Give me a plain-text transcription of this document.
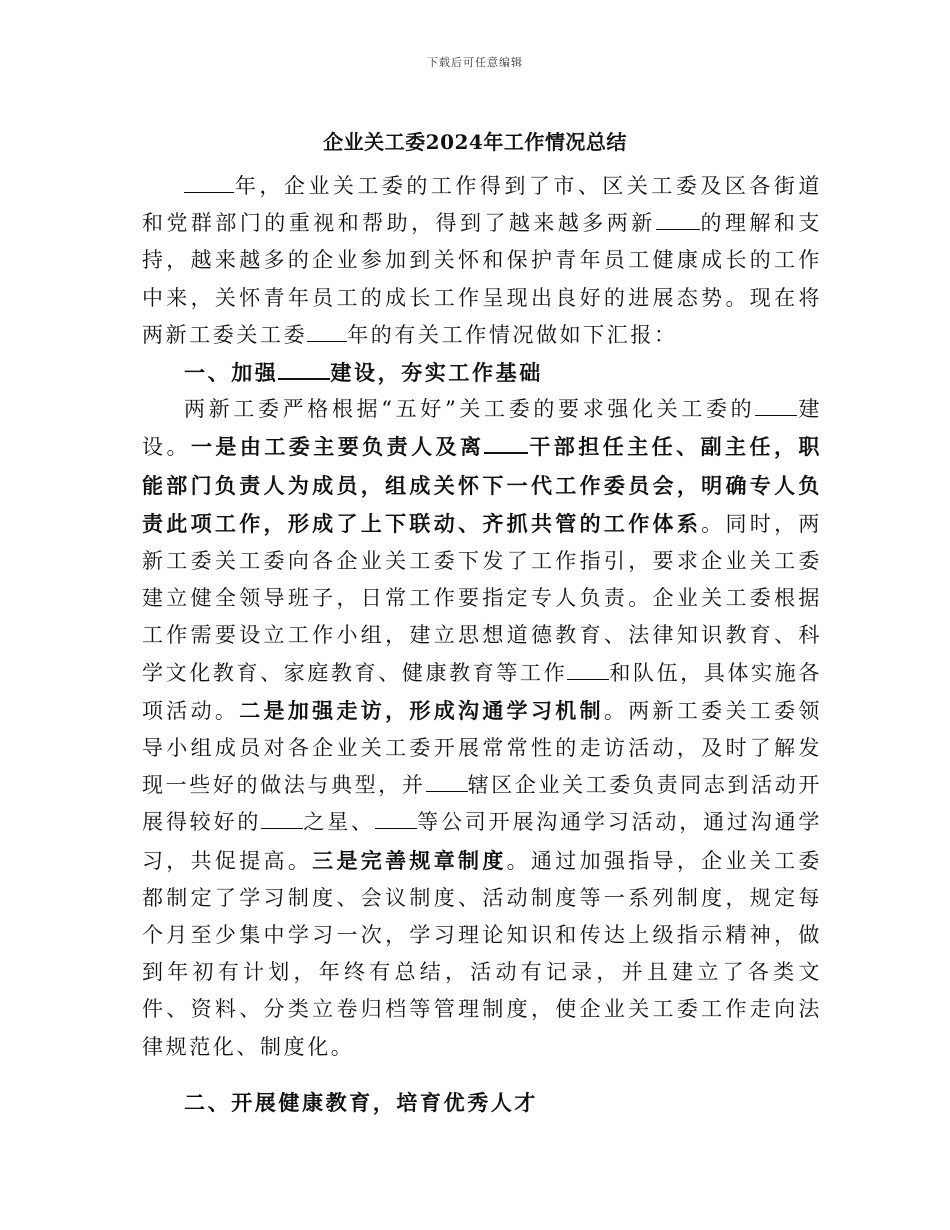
下载后可任意编辑
企业关工委2024年工作情况总结

年，企业关工委的工作得到了市、区关工委及区各街道和党群部门的重视和帮助，得到了越来越多两新 的理解和支持，越来越多的企业参加到关怀和保护青年员工健康成长的工作中来，关怀青年员工的成长工作呈现出良好的进展态势。现在将两新工委关工委 年的有关工作情况做如下汇报：

一、加强 建设，夯实工作基础

两新工委严格根据“五好”关工委的要求强化关工委的 建设。一是由工委主要负责人及离 干部担任主任、副主任，职能部门负责人为成员，组成关怀下一代工作委员会，明确专人负责此项工作，形成了上下联动、齐抓共管的工作体系。同时，两新工委关工委向各企业关工委下发了工作指引，要求企业关工委建立健全领导班子，日常工作要指定专人负责。企业关工委根据工作需要设立工作小组，建立思想道德教育、法律知识教育、科学文化教育、家庭教育、健康教育等工作 和队伍，具体实施各项活动。二是加强走访，形成沟通学习机制。两新工委关工委领导小组成员对各企业关工委开展常常性的走访活动，及时了解发现一些好的做法与典型，并 辖区企业关工委负责同志到活动开展得较好的 之星、 等公司开展沟通学习活动，通过沟通学习，共促提高。三是完善规章制度。通过加强指导，企业关工委都制定了学习制度、会议制度、活动制度等一系列制度，规定每个月至少集中学习一次，学习理论知识和传达上级指示精神，做到年初有计划，年终有总结，活动有记录，并且建立了各类文件、资料、分类立卷归档等管理制度，使企业关工委工作走向法律规范化、制度化。

二、开展健康教育，培育优秀人才
